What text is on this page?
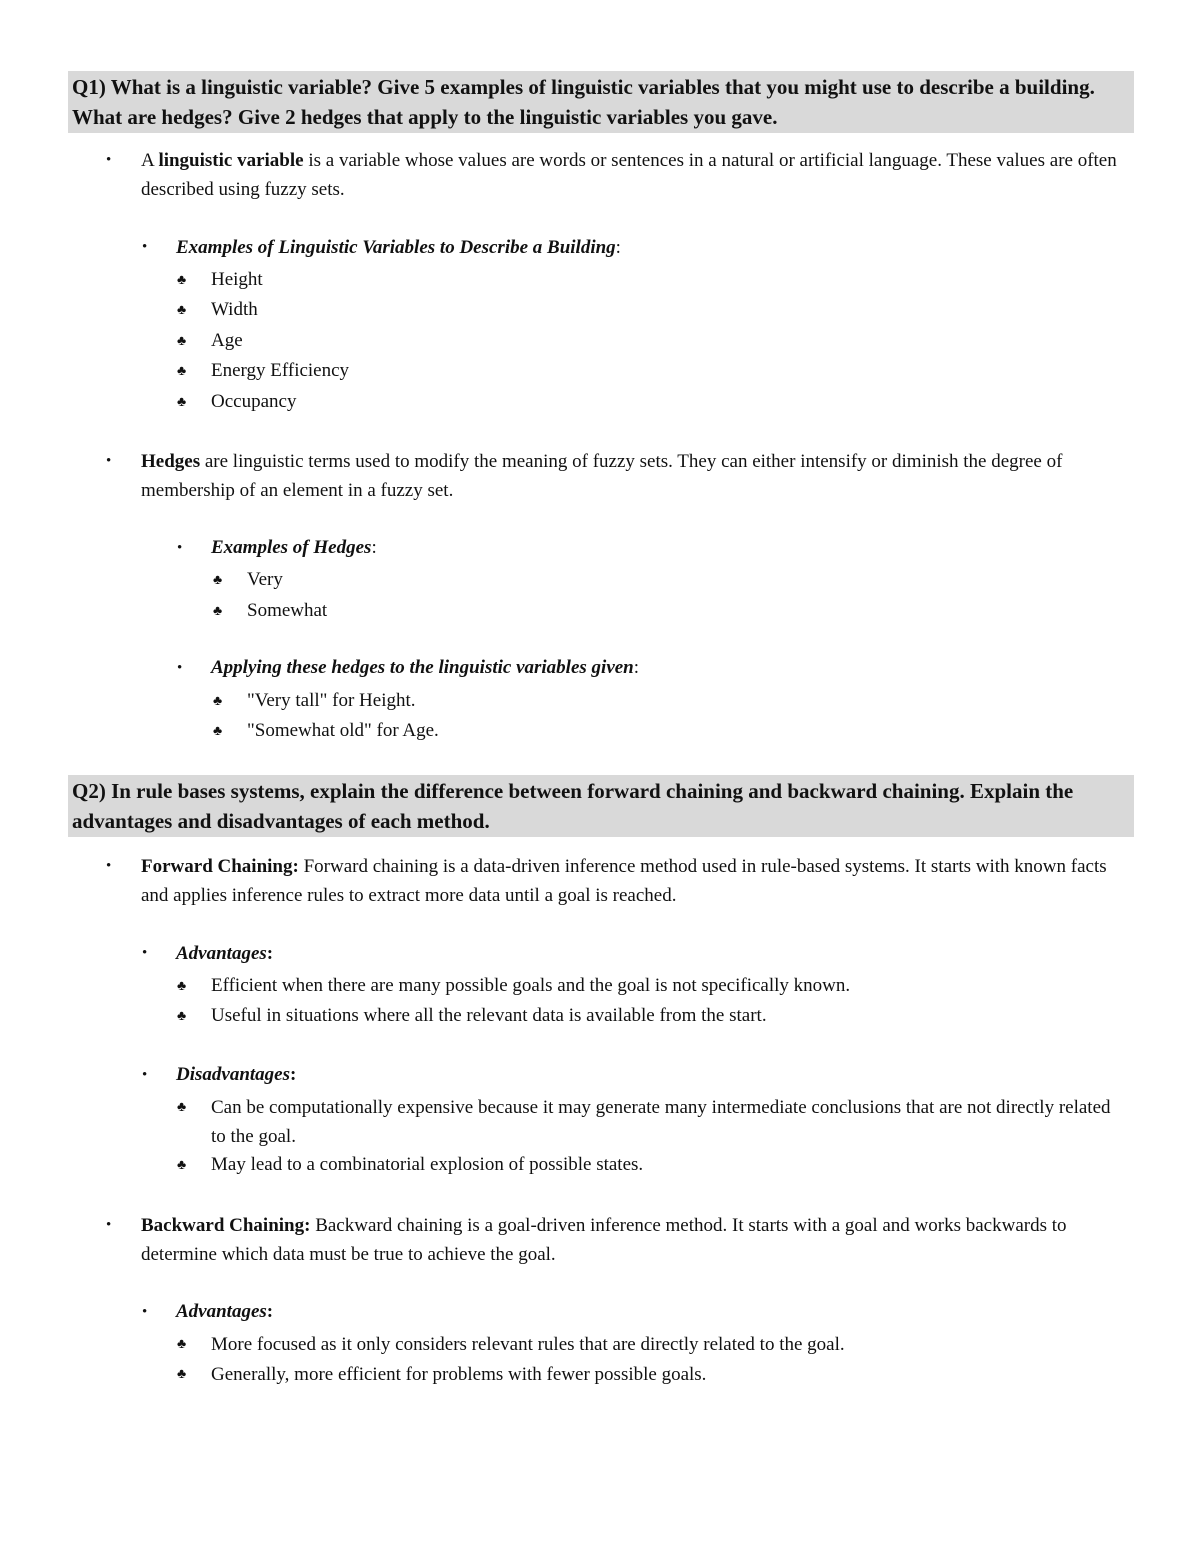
Q1) What is a linguistic variable? Give 5 examples of linguistic variables that you might use to describe a building. What are hedges? Give 2 hedges that apply to the linguistic variables you gave.
• A linguistic variable is a variable whose values are words or sentences in a natural or artificial language. These values are often described using fuzzy sets.
• Examples of Linguistic Variables to Describe a Building:
♣ Height
♣ Width
♣ Age
♣ Energy Efficiency
♣ Occupancy
• Hedges are linguistic terms used to modify the meaning of fuzzy sets. They can either intensify or diminish the degree of membership of an element in a fuzzy set.
• Examples of Hedges:
♣ Very
♣ Somewhat
• Applying these hedges to the linguistic variables given:
♣ "Very tall" for Height.
♣ "Somewhat old" for Age.
Q2) In rule bases systems, explain the difference between forward chaining and backward chaining. Explain the advantages and disadvantages of each method.
• Forward Chaining: Forward chaining is a data-driven inference method used in rule-based systems. It starts with known facts and applies inference rules to extract more data until a goal is reached.
• Advantages:
♣ Efficient when there are many possible goals and the goal is not specifically known.
♣ Useful in situations where all the relevant data is available from the start.
• Disadvantages:
♣ Can be computationally expensive because it may generate many intermediate conclusions that are not directly related to the goal.
♣ May lead to a combinatorial explosion of possible states.
• Backward Chaining: Backward chaining is a goal-driven inference method. It starts with a goal and works backwards to determine which data must be true to achieve the goal.
• Advantages:
♣ More focused as it only considers relevant rules that are directly related to the goal.
♣ Generally, more efficient for problems with fewer possible goals.
